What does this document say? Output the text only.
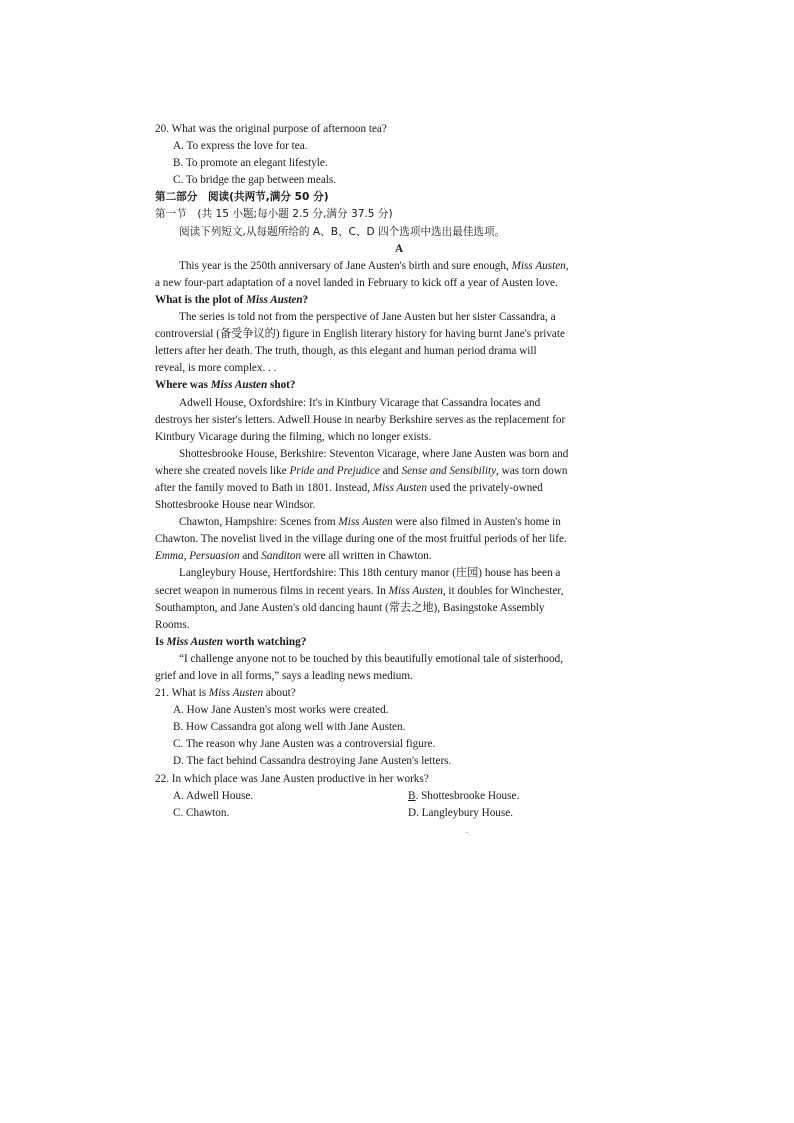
20. What was the original purpose of afternoon tea?
A. To express the love for tea.
B. To promote an elegant lifestyle.
C. To bridge the gap between meals.
第二部分　阅读(共两节,满分 50 分)
第一节　(共 15 小题;每小题 2.5 分,满分 37.5 分)
阅读下列短文,从每题所给的 A、B、C、D 四个选项中选出最佳选项。
A
This year is the 250th anniversary of Jane Austen's birth and sure enough, Miss Austen,
a new four-part adaptation of a novel landed in February to kick off a year of Austen love.
What is the plot of Miss Austen?
The series is told not from the perspective of Jane Austen but her sister Cassandra, a
controversial (备受争议的) figure in English literary history for having burnt Jane's private
letters after her death. The truth, though, as this elegant and human period drama will
reveal, is more complex. . .
Where was Miss Austen shot?
Adwell House, Oxfordshire: It's in Kintbury Vicarage that Cassandra locates and
destroys her sister's letters. Adwell House in nearby Berkshire serves as the replacement for
Kintbury Vicarage during the filming, which no longer exists.
Shottesbrooke House, Berkshire: Steventon Vicarage, where Jane Austen was born and
where she created novels like Pride and Prejudice and Sense and Sensibility, was torn down
after the family moved to Bath in 1801. Instead, Miss Austen used the privately-owned
Shottesbrooke House near Windsor.
Chawton, Hampshire: Scenes from Miss Austen were also filmed in Austen's home in
Chawton. The novelist lived in the village during one of the most fruitful periods of her life.
Emma, Persuasion and Sanditon were all written in Chawton.
Langleybury House, Hertfordshire: This 18th century manor (庄园) house has been a
secret weapon in numerous films in recent years. In Miss Austen, it doubles for Winchester,
Southampton, and Jane Austen's old dancing haunt (常去之地), Basingstoke Assembly
Rooms.
Is Miss Austen worth watching?
“I challenge anyone not to be touched by this beautifully emotional tale of sisterhood,
grief and love in all forms,” says a leading news medium.
21. What is Miss Austen about?
A. How Jane Austen's most works were created.
B. How Cassandra got along well with Jane Austen.
C. The reason why Jane Austen was a controversial figure.
D. The fact behind Cassandra destroying Jane Austen's letters.
22. In which place was Jane Austen productive in her works?
A. Adwell House.	B. Shottesbrooke House.
C. Chawton.	D. Langleybury House.
